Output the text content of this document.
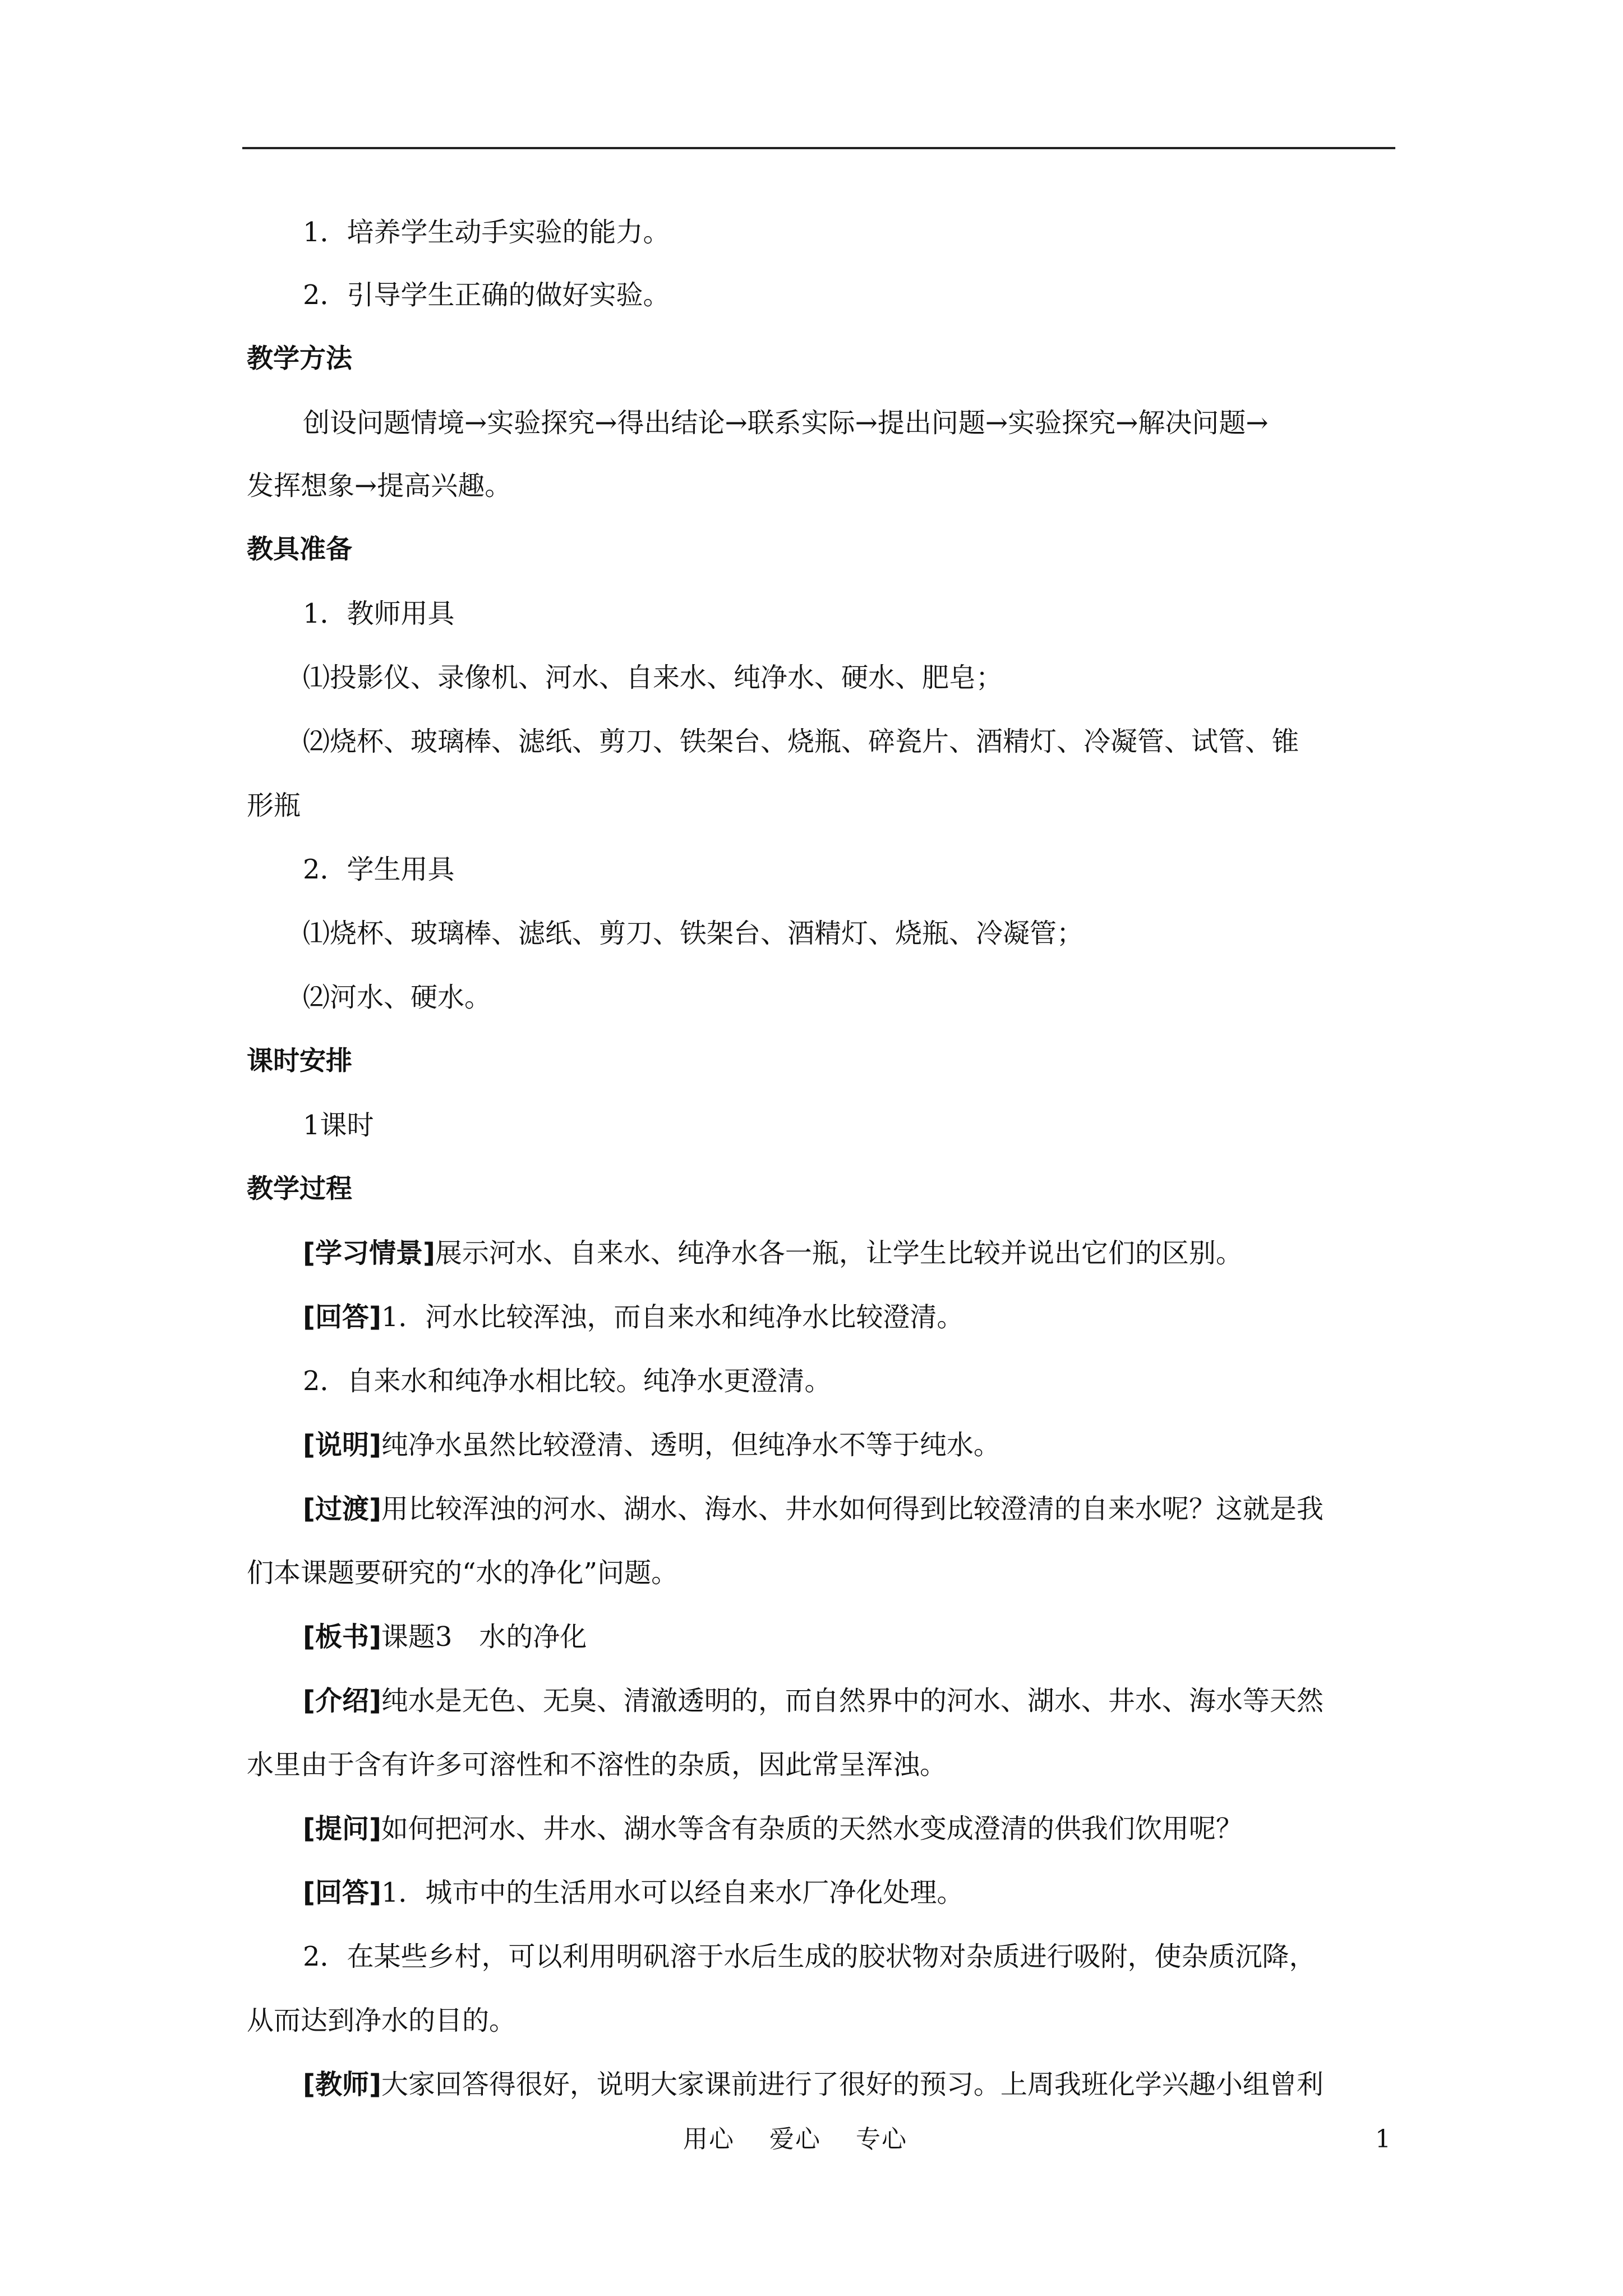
1．培养学生动手实验的能力。
2．引导学生正确的做好实验。
教学方法
创设问题情境→实验探究→得出结论→联系实际→提出问题→实验探究→解决问题→
发挥想象→提高兴趣。
教具准备
1．教师用具
⑴投影仪、录像机、河水、自来水、纯净水、硬水、肥皂；
⑵烧杯、玻璃棒、滤纸、剪刀、铁架台、烧瓶、碎瓷片、酒精灯、冷凝管、试管、锥
形瓶
2．学生用具
⑴烧杯、玻璃棒、滤纸、剪刀、铁架台、酒精灯、烧瓶、冷凝管；
⑵河水、硬水。
课时安排
1课时
教学过程
[学习情景]展示河水、自来水、纯净水各一瓶，让学生比较并说出它们的区别。
[回答]1．河水比较浑浊，而自来水和纯净水比较澄清。
2．自来水和纯净水相比较。纯净水更澄清。
[说明]纯净水虽然比较澄清、透明，但纯净水不等于纯水。
[过渡]用比较浑浊的河水、湖水、海水、井水如何得到比较澄清的自来水呢？这就是我
们本课题要研究的“水的净化”问题。
[板书]课题3　水的净化
[介绍]纯水是无色、无臭、清澈透明的，而自然界中的河水、湖水、井水、海水等天然
水里由于含有许多可溶性和不溶性的杂质，因此常呈浑浊。
[提问]如何把河水、井水、湖水等含有杂质的天然水变成澄清的供我们饮用呢？
[回答]1．城市中的生活用水可以经自来水厂净化处理。
2．在某些乡村，可以利用明矾溶于水后生成的胶状物对杂质进行吸附，使杂质沉降，
从而达到净水的目的。
[教师]大家回答得很好，说明大家课前进行了很好的预习。上周我班化学兴趣小组曾利
用心　 爱心　 专心	1
